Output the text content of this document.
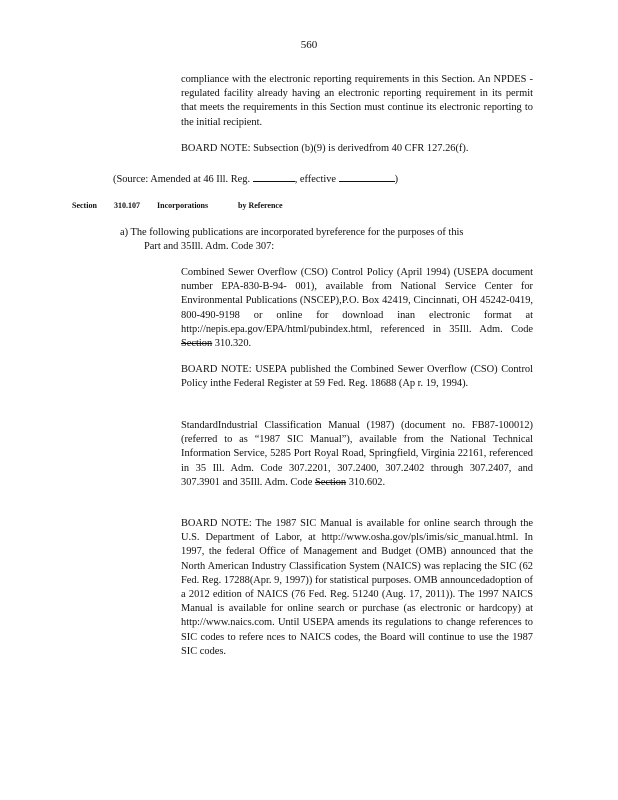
560

compliance with the electronic reporting requirements in this Section. An NPDES -regulated facility already having an electronic reporting requirement in its permit that meets the requirements in this Section must continue its electronic reporting to the initial recipient.

BOARD NOTE: Subsection (b)(9) is derivedfrom 40 CFR 127.26(f).

(Source: Amended at 46 Ill. Reg.	, effective	)

Section 310.107 Incorporations	by Reference

a) The following publications are incorporated byreference for the purposes of this

Part and 35Ill. Adm. Code 307:

Combined Sewer Overflow (CSO) Control Policy (April 1994) (USEPA document number EPA-830-B-94- 001), available from National Service Center for Environmental Publications (NSCEP),P.O. Box 42419, Cincinnati, OH 45242-0419, 800-490-9198 or online for download inan electronic format at http://nepis.epa.gov/EPA/html/pubindex.html, referenced in 35Ill. Adm. Code Section 310.320.

BOARD NOTE: USEPA published the Combined Sewer Overflow (CSO) Control Policy inthe Federal Register at 59 Fed. Reg. 18688 (Ap r. 19, 1994).

StandardIndustrial Classification Manual (1987) (document no. FB87-100012) (referred to as “1987 SIC Manual”), available from the National Technical Information Service, 5285 Port Royal Road, Springfield, Virginia 22161, referenced in 35 Ill. Adm. Code 307.2201, 307.2400, 307.2402 through 307.2407, and 307.3901 and 35Ill. Adm. Code Section 310.602.

BOARD NOTE: The 1987 SIC Manual is available for online search through the U.S. Department of Labor, at http://www.osha.gov/pls/imis/sic_manual.html. In 1997, the federal Office of Management and Budget (OMB) announced that the North American Industry Classification System (NAICS) was replacing the SIC (62 Fed. Reg. 17288(Apr. 9, 1997)) for statistical purposes. OMB announcedadoption of a 2012 edition of NAICS (76 Fed. Reg. 51240 (Aug. 17, 2011)). The 1997 NAICS Manual is available for online search or purchase (as electronic or hardcopy) at http://www.naics.com. Until USEPA amends its regulations to change references to SIC codes to refere nces to NAICS codes, the Board will continue to use the 1987 SIC codes.
